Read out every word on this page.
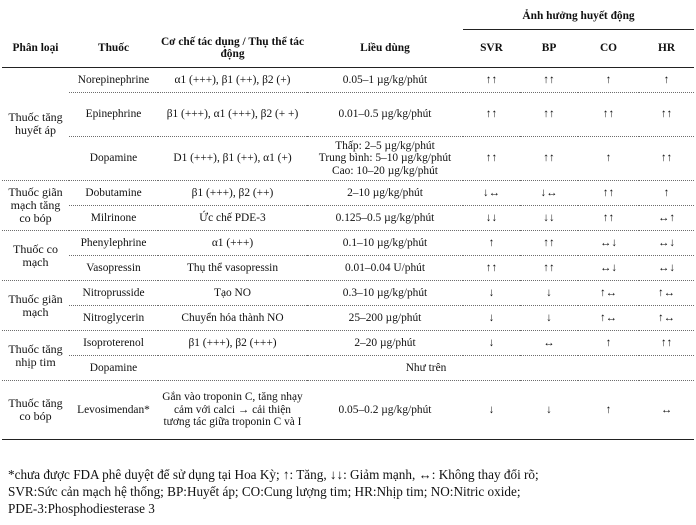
				Ảnh hưởng huyết động			
Phân loại	Thuốc	Cơ chế tác dụng / Thụ thể tác động	Liều dùng	SVR	BP	CO	HR
Thuốc tăng huyết áp	Norepinephrine	α1 (+++), β1 (++), β2 (+)	0.05–1 µg/kg/phút	↑↑	↑↑	↑	↑
	Epinephrine	β1 (+++), α1 (+++), β2 (+ +)	0.01–0.5 µg/kg/phút	↑↑	↑↑	↑↑	↑↑
	Dopamine	D1 (+++), β1 (++), α1 (+)	Thấp: 2–5 µg/kg/phút
Trung bình: 5–10 µg/kg/phút
Cao: 10–20 µg/kg/phút	↑↑	↑↑	↑	↑↑
Thuốc giãn mạch tăng co bóp	Dobutamine	β1 (+++), β2 (++)	2–10 µg/kg/phút	↓↔	↓↔	↑↑	↑
	Milrinone	Ức chế PDE-3	0.125–0.5 µg/kg/phút	↓↓	↓↓	↑↑	↔↑
Thuốc co mạch	Phenylephrine	α1 (+++)	0.1–10 µg/kg/phút	↑	↑↑	↔↓	↔↓
	Vasopressin	Thụ thể vasopressin	0.01–0.04 U/phút	↑↑	↑↑	↔↓	↔↓
Thuốc giãn mạch	Nitroprusside	Tạo NO	0.3–10 µg/kg/phút	↓	↓	↑↔	↑↔
	Nitroglycerin	Chuyển hóa thành NO	25–200 µg/phút	↓	↓	↑↔	↑↔
Thuốc tăng nhịp tim	Isoproterenol	β1 (+++), β2 (+++)	2–20 µg/phút	↓	↔	↑	↑↑
	Dopamine	Như trên					
Thuốc tăng co bóp	Levosimendan*	Gắn vào troponin C, tăng nhạy cảm với calci → cải thiện tương tác giữa troponin C và I	0.05–0.2 µg/kg/phút	↓	↓	↑	↔
*chưa được FDA phê duyệt để sử dụng tại Hoa Kỳ; ↑: Tăng, ↓↓: Giảm mạnh, ↔: Không thay đổi rõ;
SVR:Sức cản mạch hệ thống; BP:Huyết áp; CO:Cung lượng tim; HR:Nhịp tim; NO:Nitric oxide;
PDE-3:Phosphodiesterase 3
